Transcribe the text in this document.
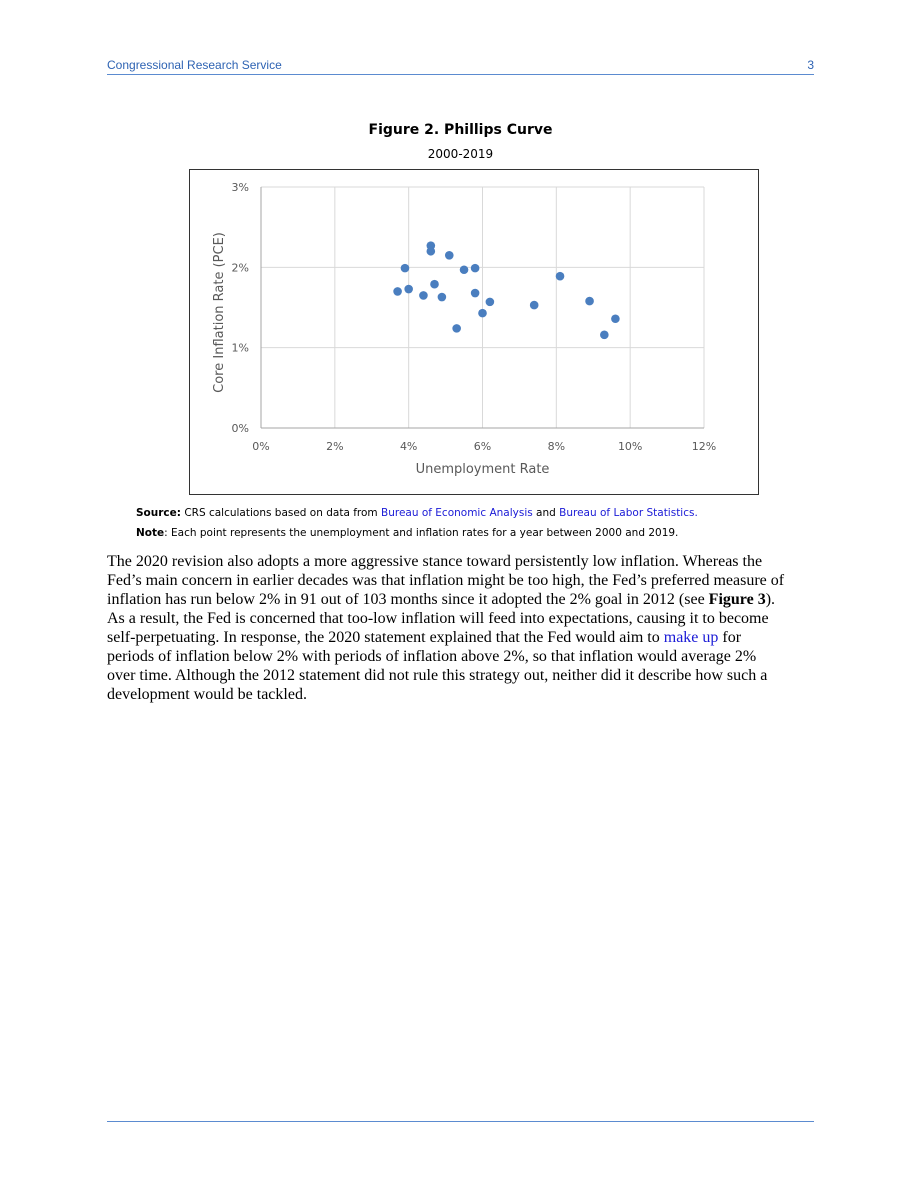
Congressional Research Service	3
Figure 2. Phillips Curve
2000-2019
0%	2%	4%	6%	8%	10%	12%
0%
1%
2%
3%
Unemployment Rate
Core Inflation Rate (PCE)
Source: CRS calculations based on data from Bureau of Economic Analysis and Bureau of Labor Statistics.
Note: Each point represents the unemployment and inflation rates for a year between 2000 and 2019.
The 2020 revision also adopts a more aggressive stance toward persistently low inflation. Whereas the
Fed’s main concern in earlier decades was that inflation might be too high, the Fed’s preferred measure of
inflation has run below 2% in 91 out of 103 months since it adopted the 2% goal in 2012 (see Figure 3).
As a result, the Fed is concerned that too-low inflation will feed into expectations, causing it to become
self-perpetuating. In response, the 2020 statement explained that the Fed would aim to make up for
periods of inflation below 2% with periods of inflation above 2%, so that inflation would average 2%
over time. Although the 2012 statement did not rule this strategy out, neither did it describe how such a
development would be tackled.
